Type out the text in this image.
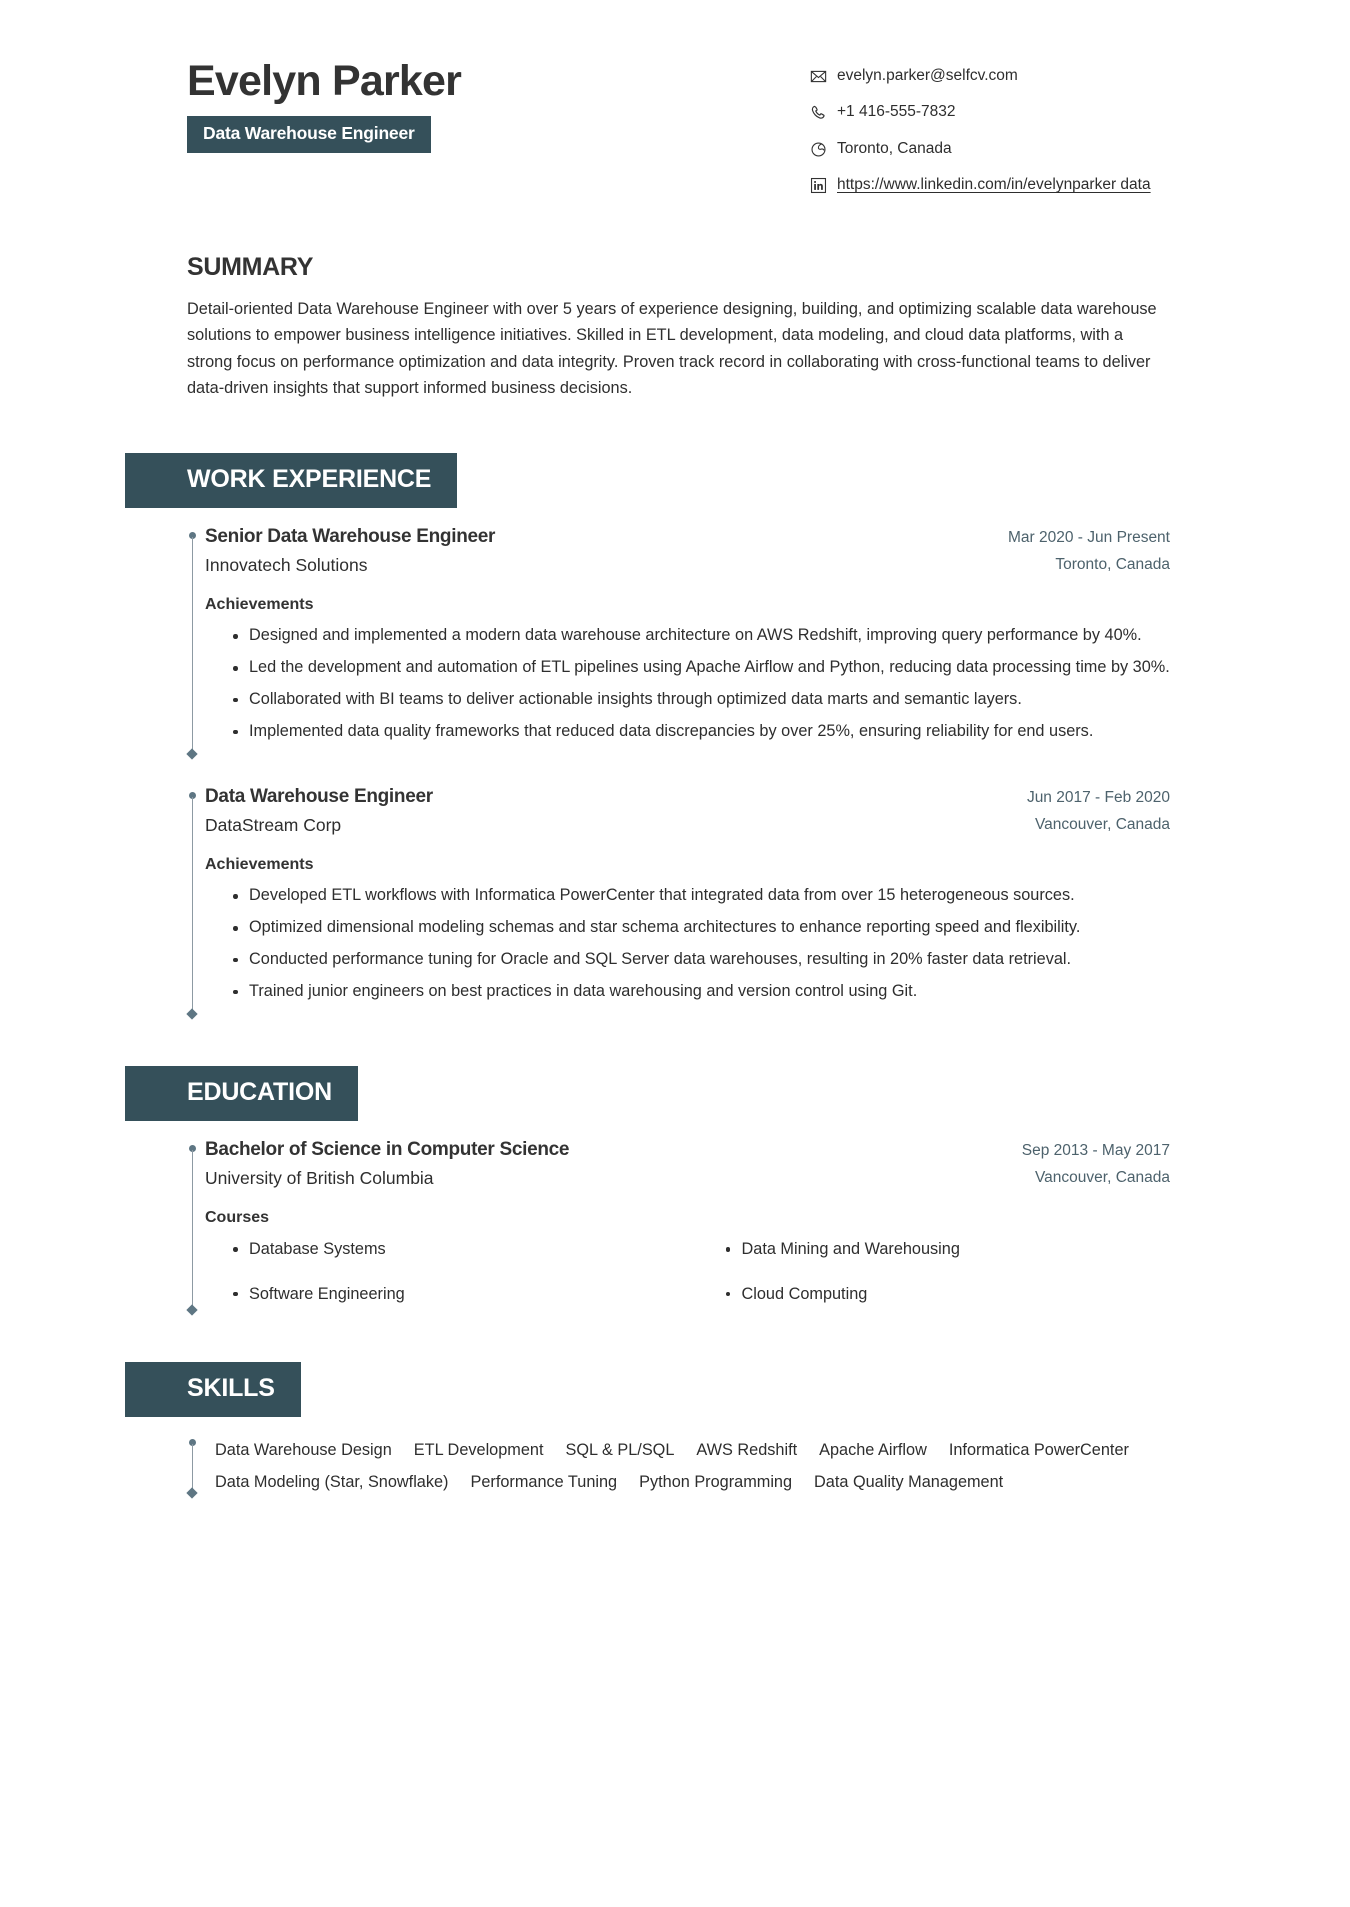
Evelyn Parker
Data Warehouse Engineer
evelyn.parker@selfcv.com
+1 416-555-7832
Toronto, Canada
https://www.linkedin.com/in/evelynparker data
SUMMARY

Detail-oriented Data Warehouse Engineer with over 5 years of experience designing, building, and optimizing scalable data warehouse solutions to empower business intelligence initiatives. Skilled in ETL development, data modeling, and cloud data platforms, with a strong focus on performance optimization and data integrity. Proven track record in collaborating with cross-functional teams to deliver data-driven insights that support informed business decisions.

WORK EXPERIENCE
Senior Data Warehouse Engineer
Innovatech Solutions
Mar 2020 - Jun Present
Toronto, Canada
Achievements
Designed and implemented a modern data warehouse architecture on AWS Redshift, improving query performance by 40%.
Led the development and automation of ETL pipelines using Apache Airflow and Python, reducing data processing time by 30%.
Collaborated with BI teams to deliver actionable insights through optimized data marts and semantic layers.
Implemented data quality frameworks that reduced data discrepancies by over 25%, ensuring reliability for end users.
Data Warehouse Engineer
DataStream Corp
Jun 2017 - Feb 2020
Vancouver, Canada
Achievements
Developed ETL workflows with Informatica PowerCenter that integrated data from over 15 heterogeneous sources.
Optimized dimensional modeling schemas and star schema architectures to enhance reporting speed and flexibility.
Conducted performance tuning for Oracle and SQL Server data warehouses, resulting in 20% faster data retrieval.
Trained junior engineers on best practices in data warehousing and version control using Git.
EDUCATION
Bachelor of Science in Computer Science
University of British Columbia
Sep 2013 - May 2017
Vancouver, Canada
Courses
Database Systems	Data Mining and Warehousing
Software Engineering	Cloud Computing
SKILLS
Data Warehouse Design ETL Development SQL & PL/SQL AWS Redshift Apache Airflow Informatica PowerCenterData Modeling (Star, Snowflake) Performance Tuning Python Programming Data Quality Management
